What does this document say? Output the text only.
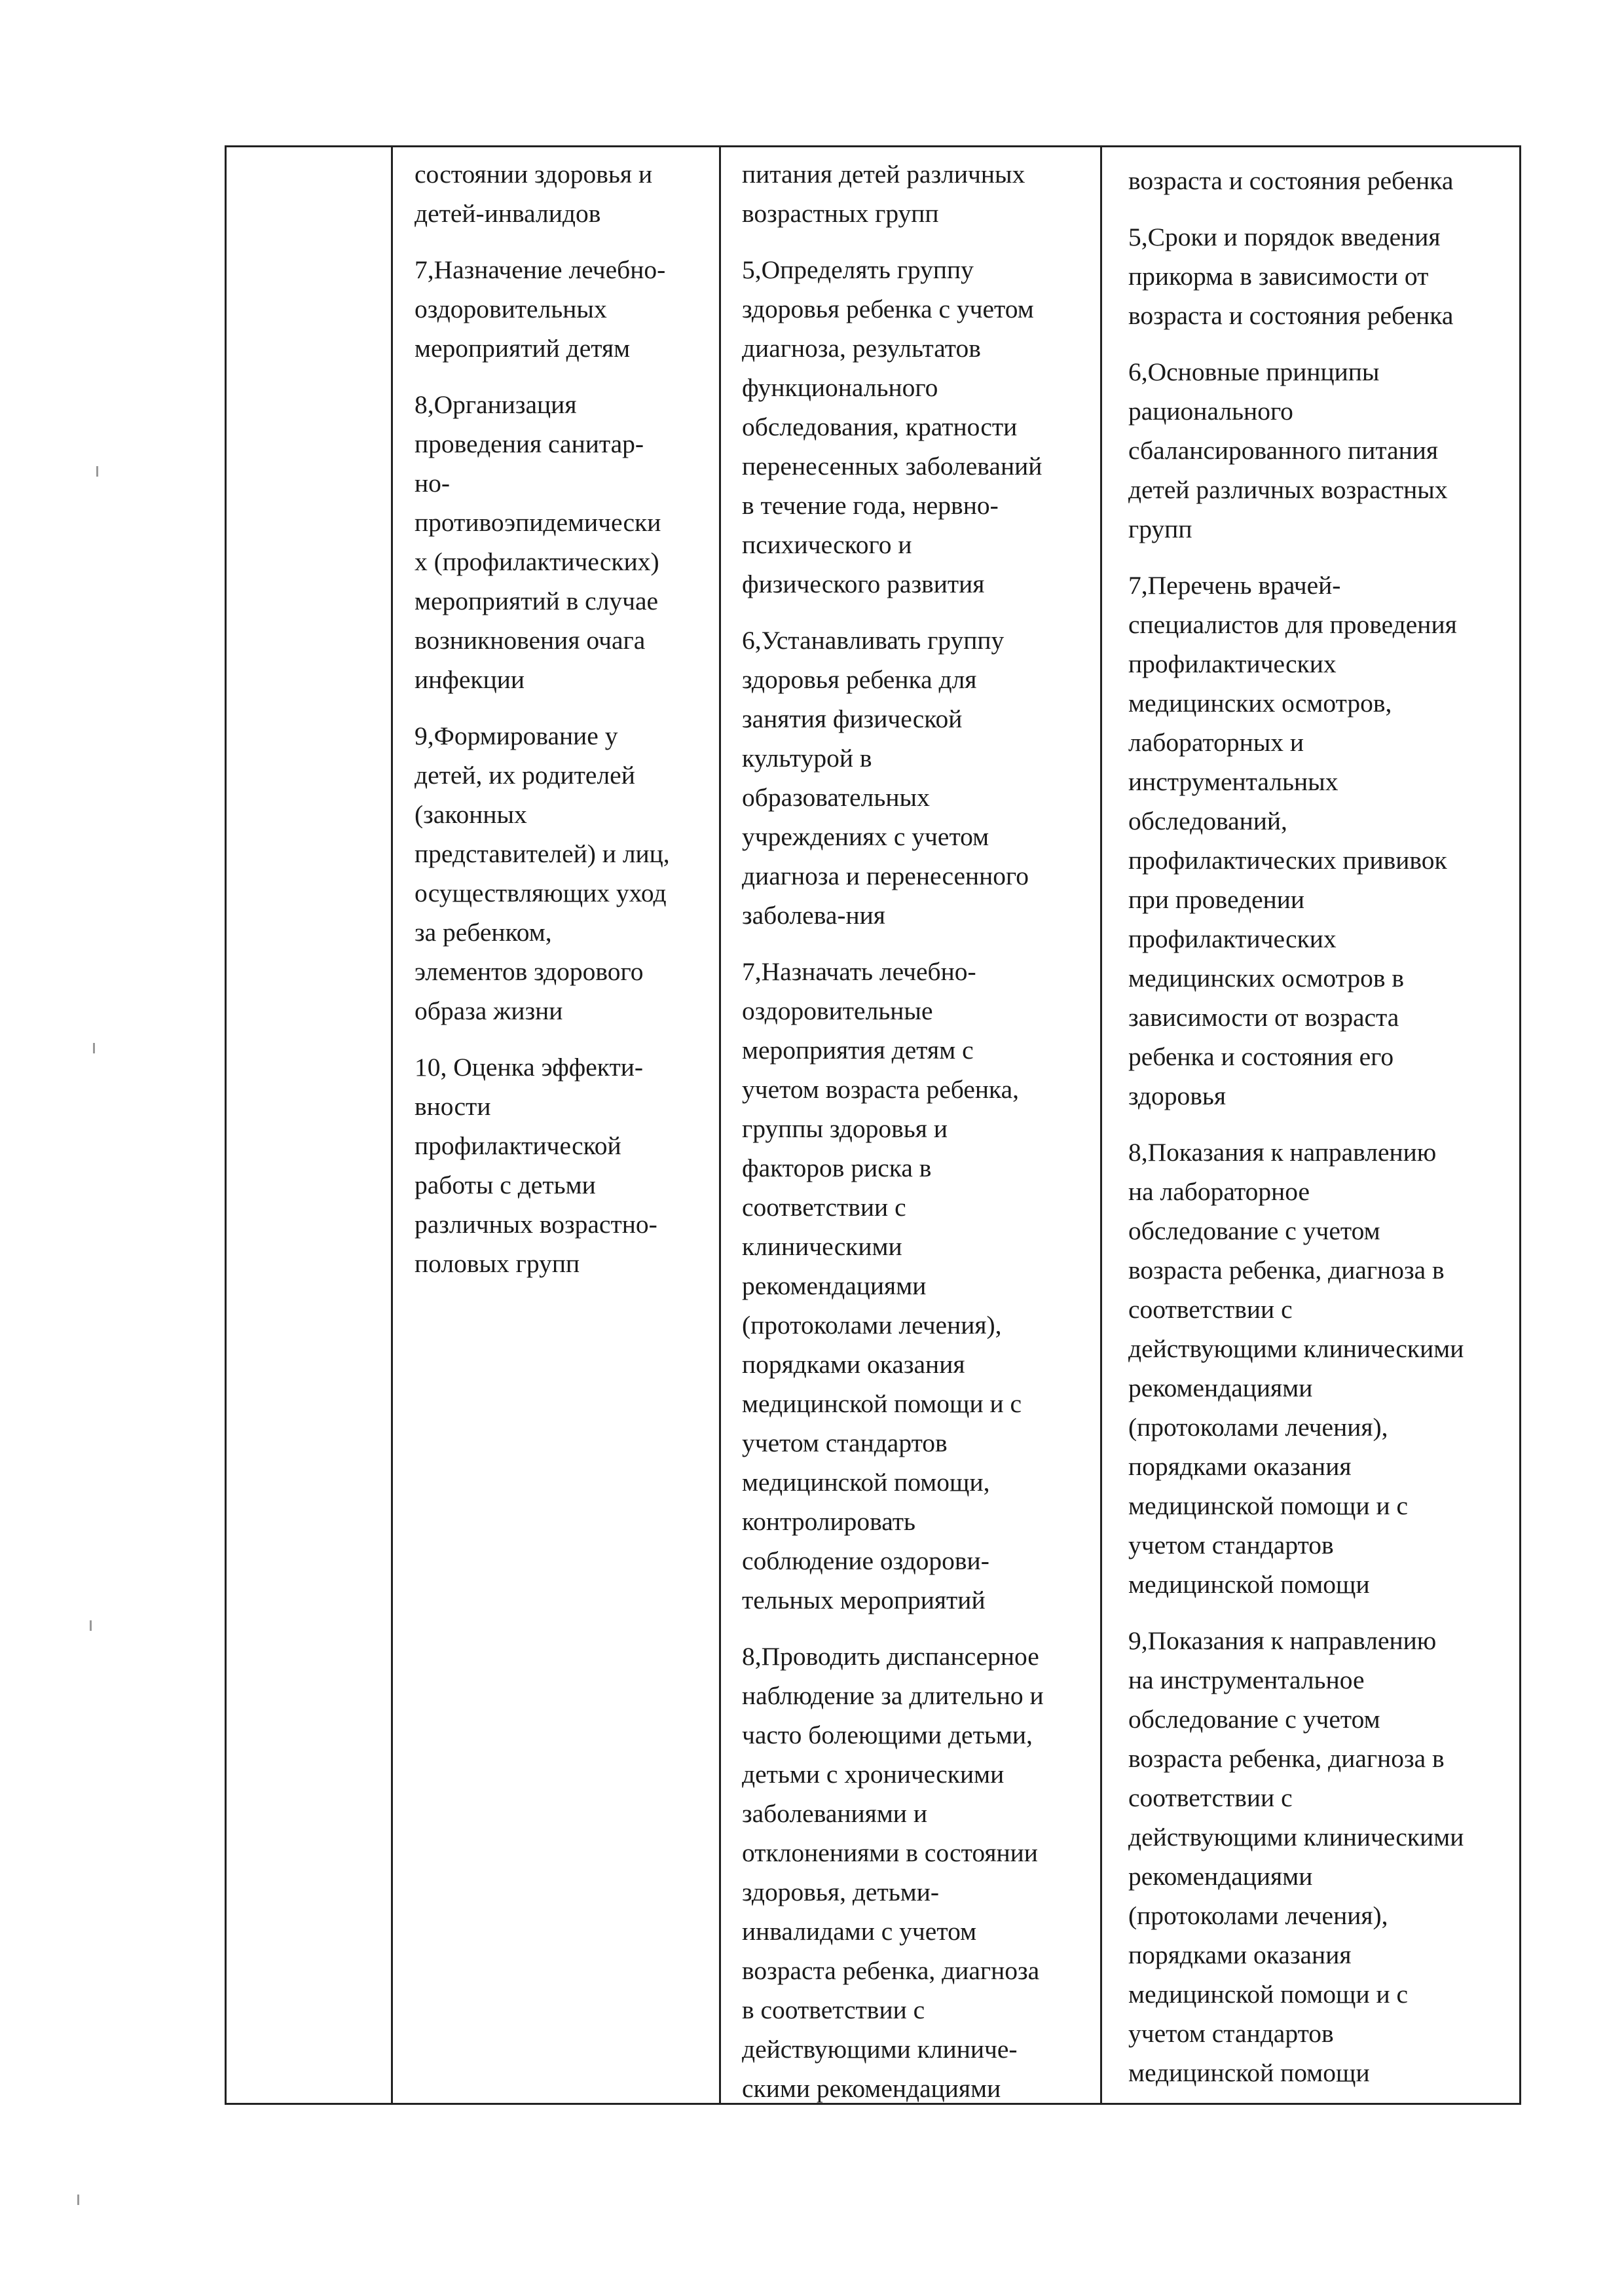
состоянии здоровья и
детей-инвалидов
7,Назначение лечебно-
оздоровительных
мероприятий детям
8,Организация
проведения санитар-
но-
противоэпидемически
х (профилактических)
мероприятий в случае
возникновения очага
инфекции
9,Формирование у
детей, их родителей
(законных
представителей) и лиц,
осуществляющих уход
за ребенком,
элементов здорового
образа жизни
10, Оценка эффекти-
вности
профилактической
работы с детьми
различных возрастно-
половых групп
питания детей различных
возрастных групп
5,Определять группу
здоровья ребенка с учетом
диагноза, результатов
функционального
обследования, кратности
перенесенных заболеваний
в течение года, нервно-
психического и
физического развития
6,Устанавливать группу
здоровья ребенка для
занятия физической
культурой в
образовательных
учреждениях с учетом
диагноза и перенесенного
заболева-ния
7,Назначать лечебно-
оздоровительные
мероприятия детям с
учетом возраста ребенка,
группы здоровья и
факторов риска в
соответствии с
клиническими
рекомендациями
(протоколами лечения),
порядками оказания
медицинской помощи и с
учетом стандартов
медицинской помощи,
контролировать
соблюдение оздорови-
тельных мероприятий
8,Проводить диспансерное
наблюдение за длительно и
часто болеющими детьми,
детьми с хроническими
заболеваниями и
отклонениями в состоянии
здоровья, детьми-
инвалидами с учетом
возраста ребенка, диагноза
в соответствии с
действующими клиниче-
скими рекомендациями
возраста и состояния ребенка
5,Сроки и порядок введения
прикорма в зависимости от
возраста и состояния ребенка
6,Основные принципы
рационального
сбалансированного питания
детей различных возрастных
групп
7,Перечень врачей-
специалистов для проведения
профилактических
медицинских осмотров,
лабораторных и
инструментальных
обследований,
профилактических прививок
при проведении
профилактических
медицинских осмотров в
зависимости от возраста
ребенка и состояния его
здоровья
8,Показания к направлению
на лабораторное
обследование с учетом
возраста ребенка, диагноза в
соответствии с
действующими клиническими
рекомендациями
(протоколами лечения),
порядками оказания
медицинской помощи и с
учетом стандартов
медицинской помощи
9,Показания к направлению
на инструментальное
обследование с учетом
возраста ребенка, диагноза в
соответствии с
действующими клиническими
рекомендациями
(протоколами лечения),
порядками оказания
медицинской помощи и с
учетом стандартов
медицинской помощи
